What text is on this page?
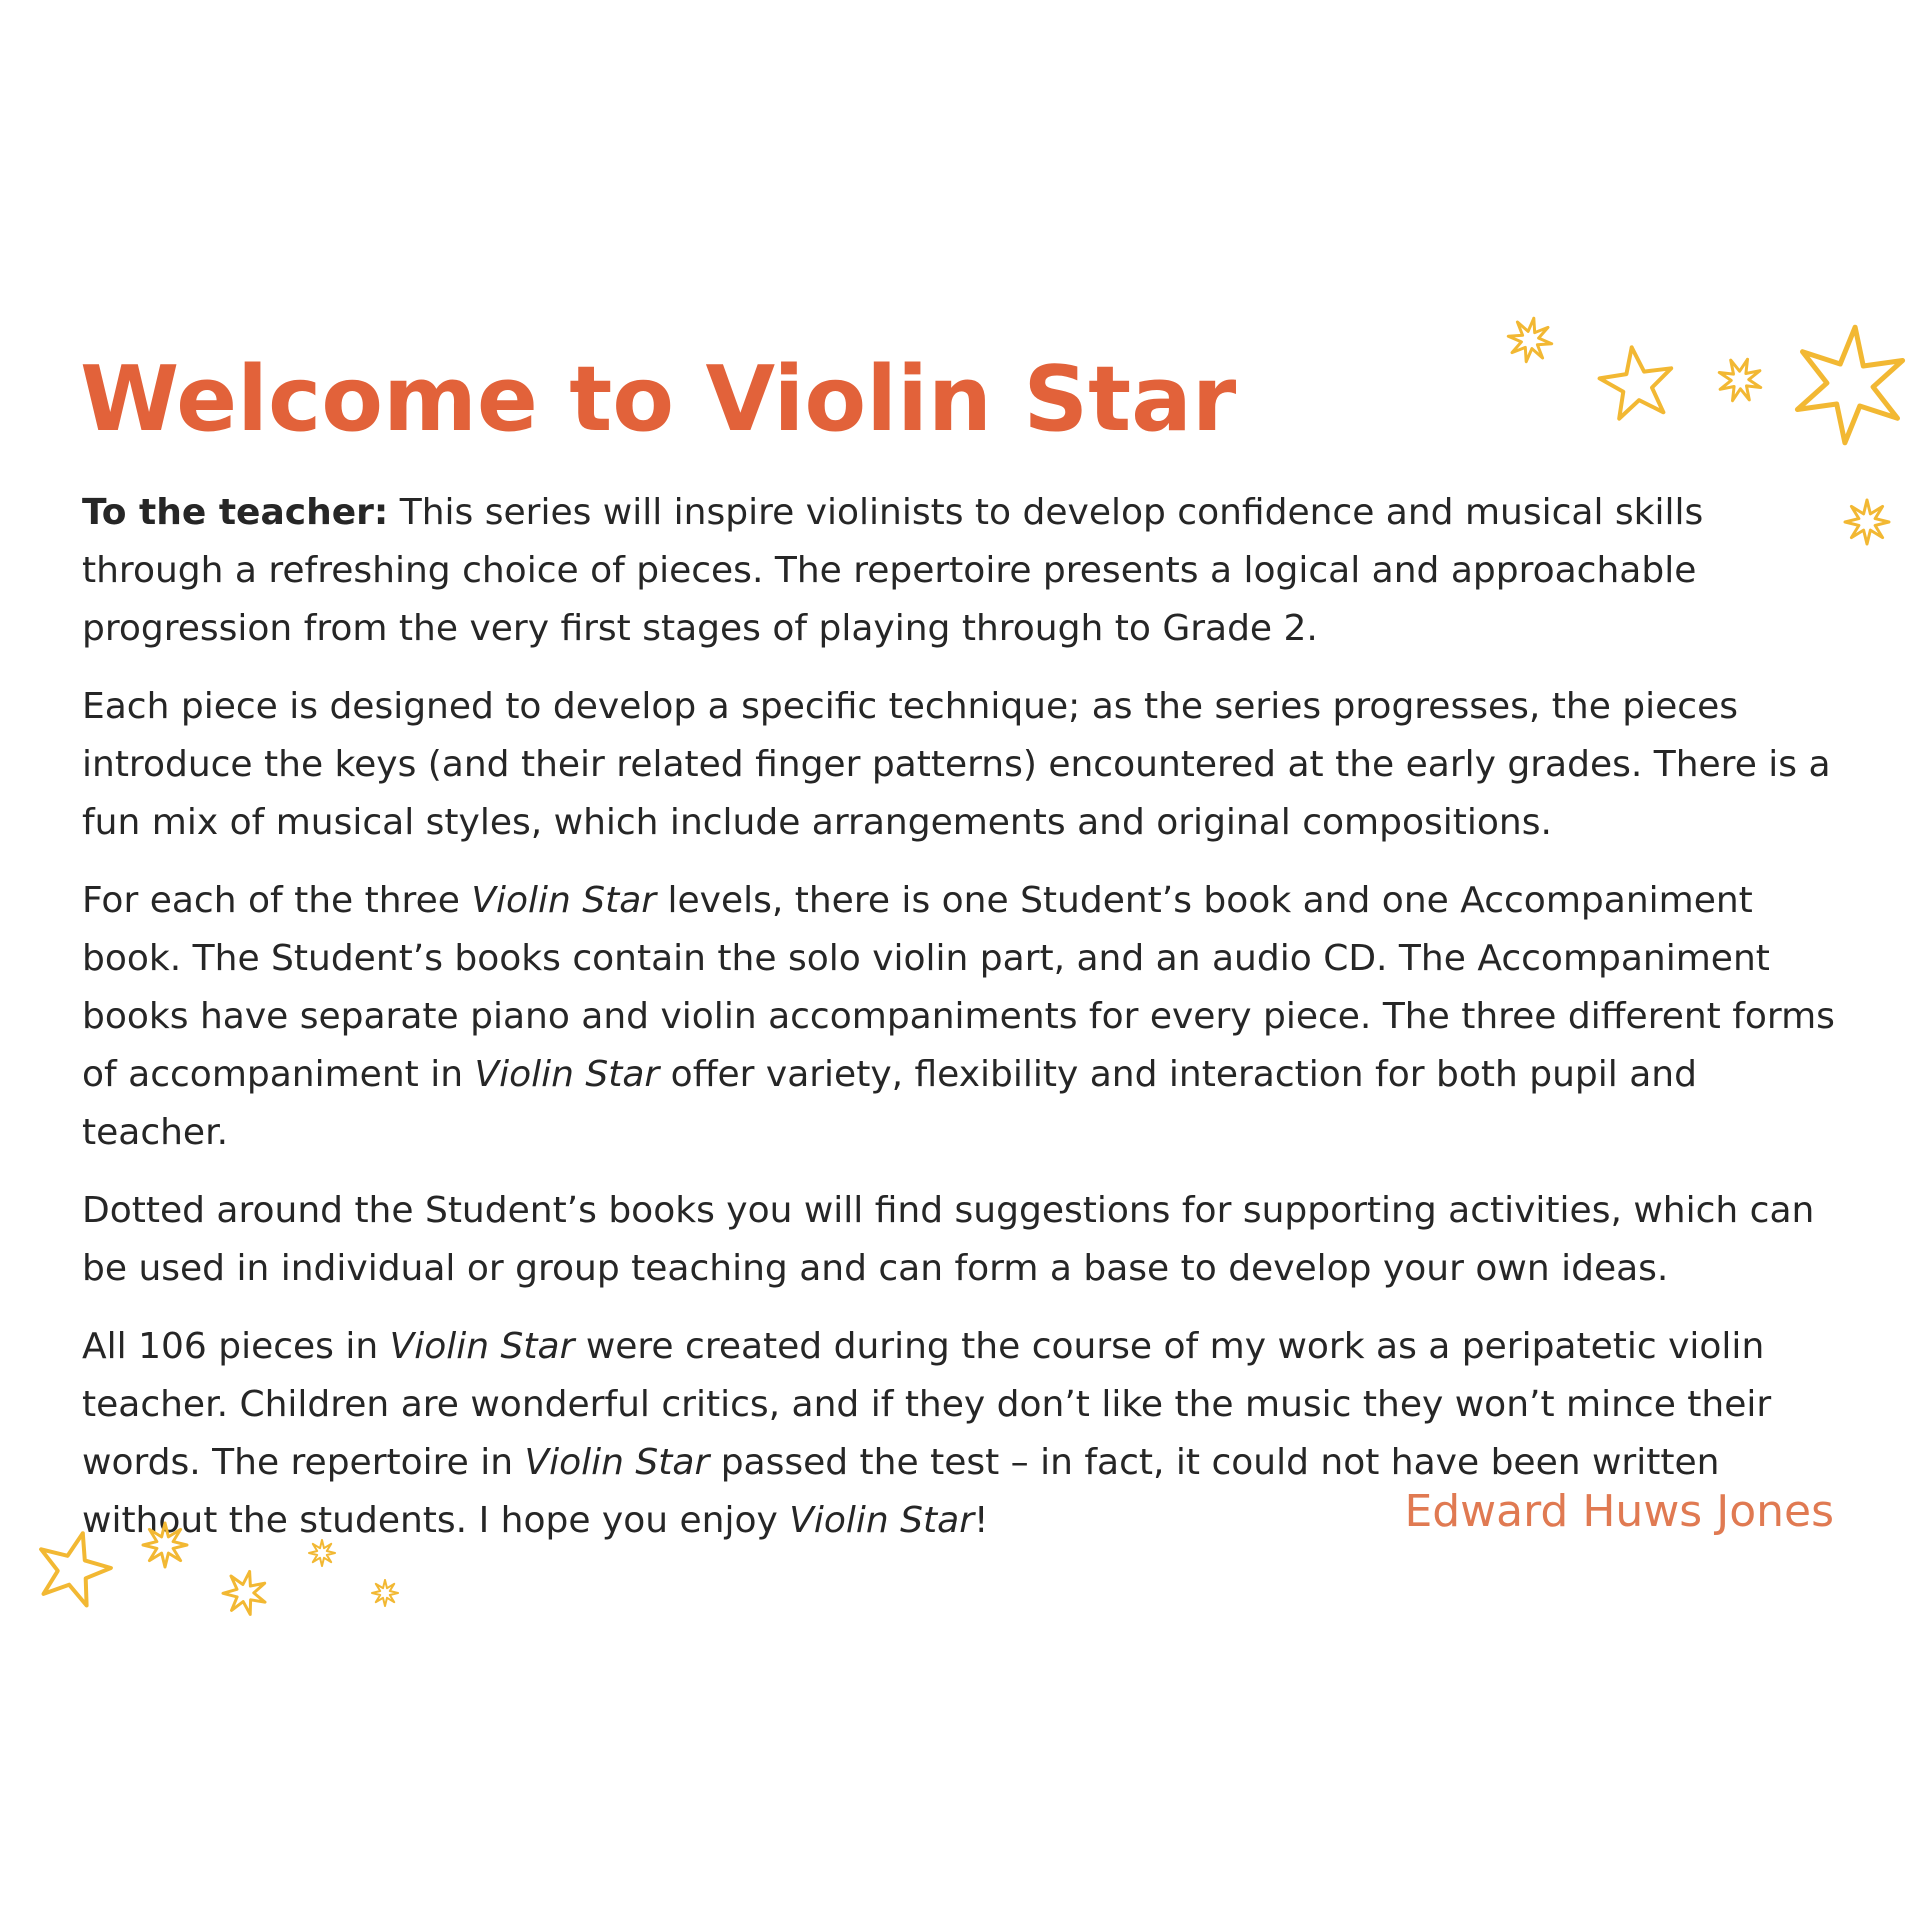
Welcome to Violin Star

To the teacher: This series will inspire violinists to develop confidence and musical skills through a refreshing choice of pieces. The repertoire presents a logical and approachable progression from the very first stages of playing through to Grade 2.

Each piece is designed to develop a specific technique; as the series progresses, the pieces introduce the keys (and their related finger patterns) encountered at the early grades. There is a fun mix of musical styles, which include arrangements and original compositions.

For each of the three Violin Star levels, there is one Student’s book and one Accompaniment book. The Student’s books contain the solo violin part, and an audio CD. The Accompaniment books have separate piano and violin accompaniments for every piece. The three different forms of accompaniment in Violin Star offer variety, flexibility and interaction for both pupil and teacher.

Dotted around the Student’s books you will find suggestions for supporting activities, which can be used in individual or group teaching and can form a base to develop your own ideas.

All 106 pieces in Violin Star were created during the course of my work as a peripatetic violin teacher. Children are wonderful critics, and if they don’t like the music they won’t mince their words. The repertoire in Violin Star passed the test – in fact, it could not have been written without the students. I hope you enjoy Violin Star!	Edward Huws Jones
